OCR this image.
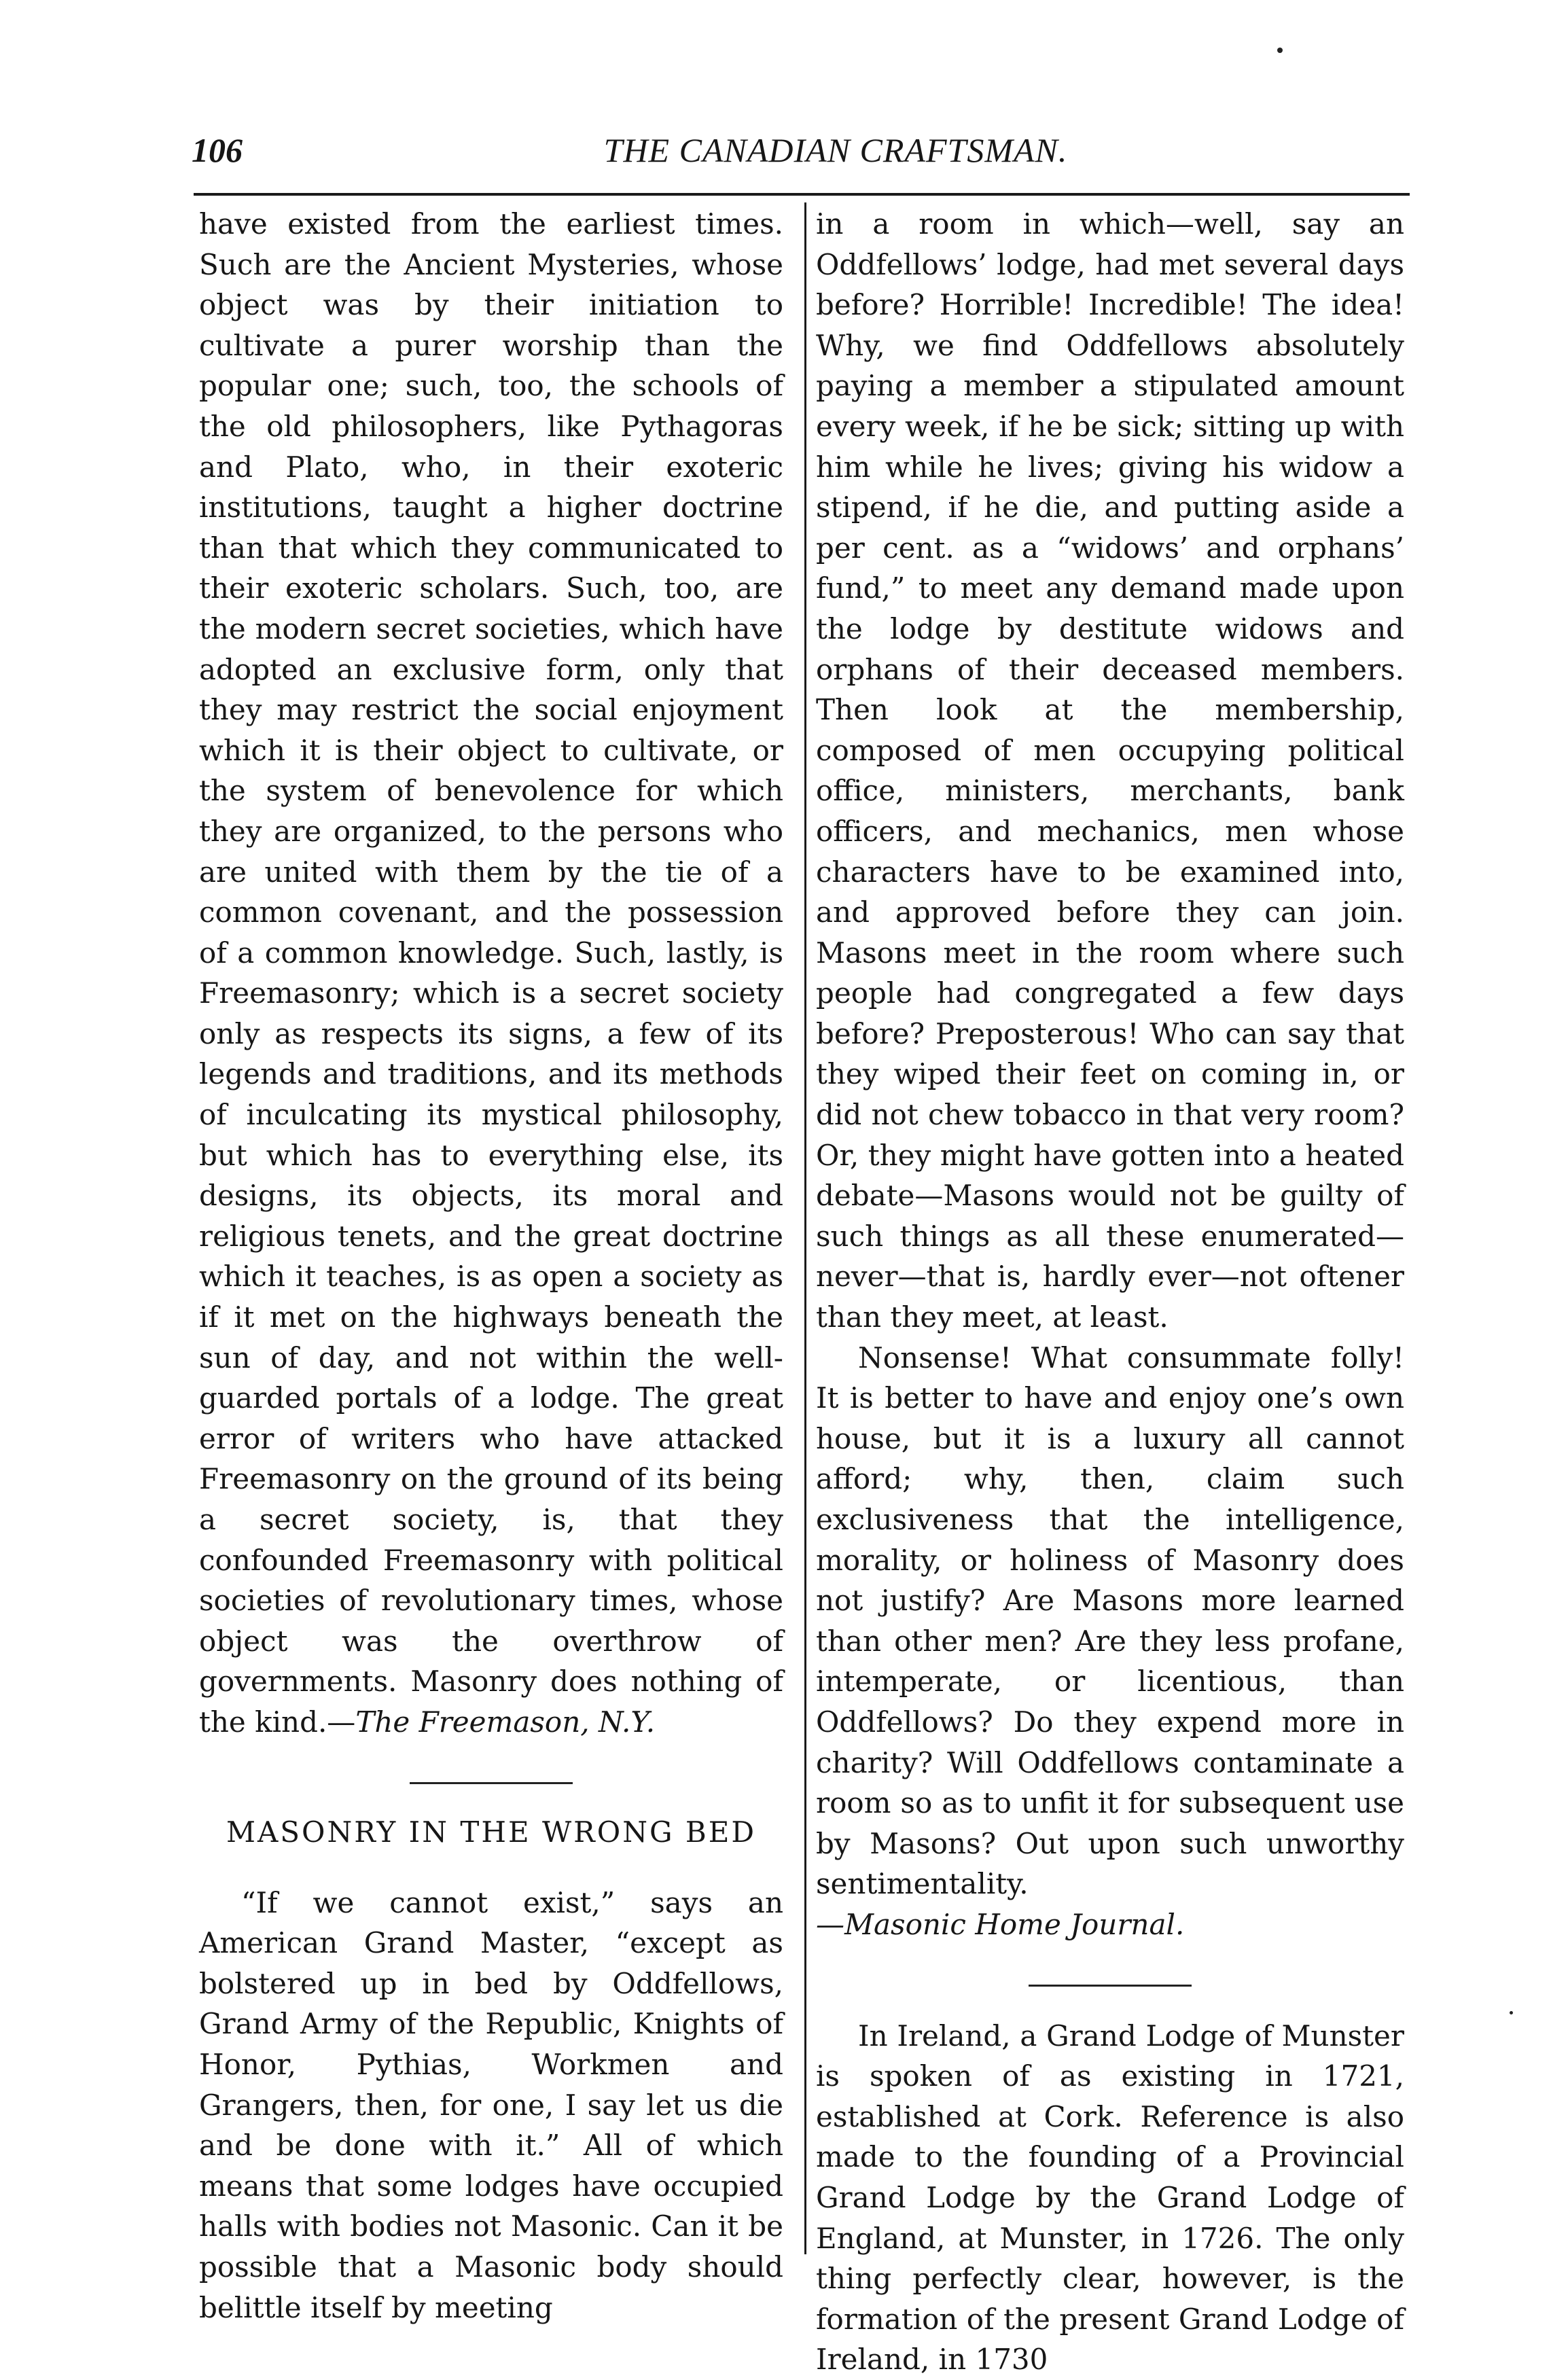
106	THE CANADIAN CRAFTSMAN.

have existed from the earliest times. Such are the Ancient Mysteries, whose object was by their initiation to cultivate a purer worship than the popular one; such, too, the schools of the old philosophers, like Pythagoras and Plato, who, in their exoteric institutions, taught a higher doctrine than that which they communicated to their exoteric scholars. Such, too, are the modern secret societies, which have adopted an exclusive form, only that they may restrict the social enjoyment which it is their object to cultivate, or the system of benevolence for which they are organized, to the persons who are united with them by the tie of a common covenant, and the possession of a common knowledge. Such, lastly, is Freemasonry; which is a secret society only as respects its signs, a few of its legends and traditions, and its methods of inculcating its mystical philosophy, but which has to everything else, its designs, its objects, its moral and religious tenets, and the great doctrine which it teaches, is as open a society as if it met on the highways beneath the sun of day, and not within the well-guarded portals of a lodge. The great error of writers who have attacked Freemasonry on the ground of its being a secret society, is, that they confounded Freemasonry with political societies of revolutionary times, whose object was the overthrow of governments. Masonry does nothing of the kind.—The Freemason, N.Y.

MASONRY IN THE WRONG BED

“If we cannot exist,” says an American Grand Master, “except as bolstered up in bed by Oddfellows, Grand Army of the Republic, Knights of Honor, Pythias, Workmen and Grangers, then, for one, I say let us die and be done with it.” All of which means that some lodges have occupied halls with bodies not Masonic. Can it be possible that a Masonic body should belittle itself by meeting

in a room in which—well, say an Oddfellows’ lodge, had met several days before? Horrible! Incredible! The idea! Why, we find Oddfellows absolutely paying a member a stipulated amount every week, if he be sick; sitting up with him while he lives; giving his widow a stipend, if he die, and putting aside a per cent. as a “widows’ and orphans’ fund,” to meet any demand made upon the lodge by destitute widows and orphans of their deceased members. Then look at the membership, composed of men occupying political office, ministers, merchants, bank officers, and mechanics, men whose characters have to be examined into, and approved before they can join. Masons meet in the room where such people had congregated a few days before? Preposterous! Who can say that they wiped their feet on coming in, or did not chew tobacco in that very room? Or, they might have gotten into a heated debate—Masons would not be guilty of such things as all these enumerated—never—that is, hardly ever—not oftener than they meet, at least.

Nonsense! What consummate folly! It is better to have and enjoy one’s own house, but it is a luxury all cannot afford; why, then, claim such exclusiveness that the intelligence, morality, or holiness of Masonry does not justify? Are Masons more learned than other men? Are they less profane, intemperate, or licentious, than Oddfellows? Do they expend more in charity? Will Oddfellows contaminate a room so as to unfit it for subsequent use by Masons? Out upon such unworthy sentimentality.

—Masonic Home Journal.

In Ireland, a Grand Lodge of Munster is spoken of as existing in 1721, established at Cork. Reference is also made to the founding of a Provincial Grand Lodge by the Grand Lodge of England, at Munster, in 1726. The only thing perfectly clear, however, is the formation of the present Grand Lodge of Ireland, in 1730
